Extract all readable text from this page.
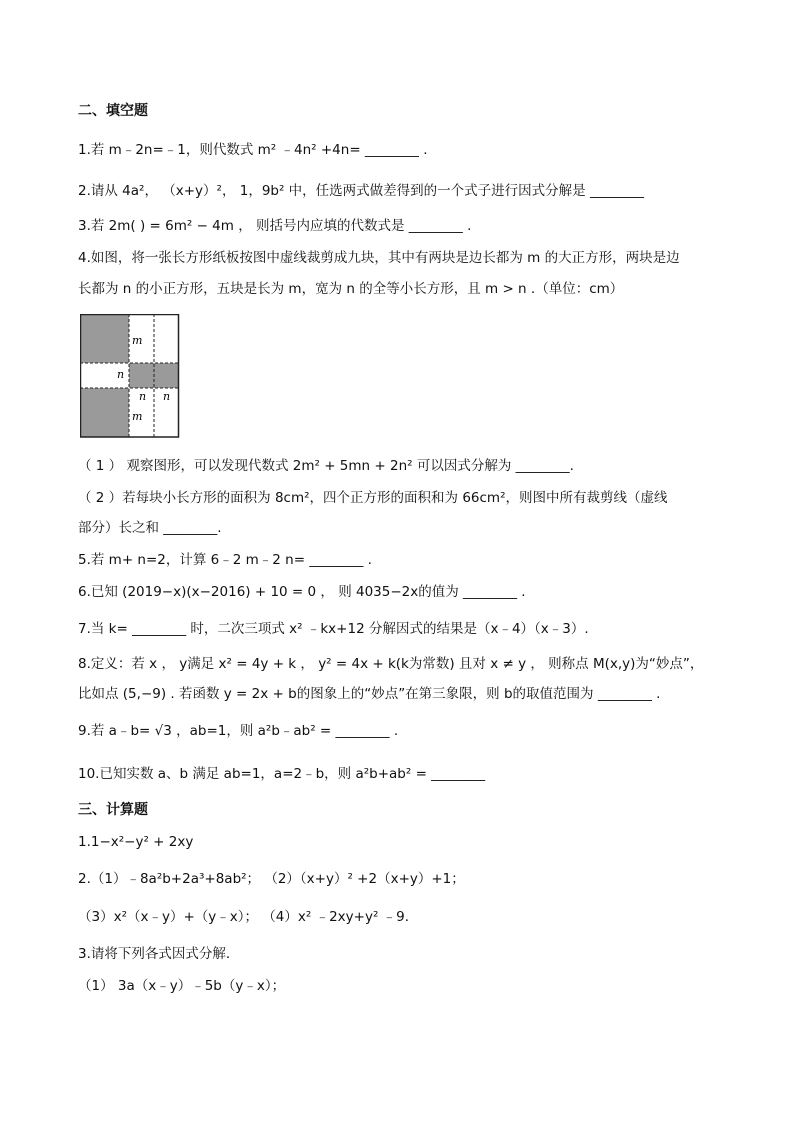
二、填空题
1.若 m﹣2n=﹣1，则代数式 m² ﹣4n² +4n= ________ .
2.请从 4a²， （x+y）²， 1，9b² 中，任选两式做差得到的一个式子进行因式分解是 ________
3.若 2m( ) = 6m² − 4m ， 则括号内应填的代数式是 ________ .
4.如图，将一张长方形纸板按图中虚线裁剪成九块，其中有两块是边长都为 m 的大正方形，两块是边
长都为 n 的小正方形，五块是长为 m，宽为 n 的全等小长方形，且 m > n .（单位：cm）
m
n
n n
m
（ 1 ） 观察图形，可以发现代数式 2m² + 5mn + 2n² 可以因式分解为 ________.
（ 2 ）若每块小长方形的面积为 8cm²，四个正方形的面积和为 66cm²，则图中所有裁剪线（虚线
部分）长之和 ________.
5.若 m+ n=2，计算 6﹣2 m﹣2 n= ________ .
6.已知 (2019−x)(x−2016) + 10 = 0 ， 则 4035−2x的值为 ________ .
7.当 k= ________ 时，二次三项式 x² ﹣kx+12 分解因式的结果是（x﹣4）（x﹣3）.
8.定义：若 x ， y满足 x² = 4y + k ， y² = 4x + k(k为常数) 且对 x ≠ y ， 则称点 M(x,y)为“妙点”，
比如点 (5,−9) . 若函数 y = 2x + b的图象上的“妙点”在第三象限，则 b的取值范围为 ________ .
9.若 a﹣b= √3 ，ab=1，则 a²b﹣ab² = ________ .
10.已知实数 a、b 满足 ab=1，a=2﹣b，则 a²b+ab² = ________
三、计算题
1.1−x²−y² + 2xy
2.（1）﹣8a²b+2a³+8ab²； （2）（x+y）² +2（x+y）+1；
（3）x²（x﹣y）+（y﹣x）； （4）x² ﹣2xy+y² ﹣9．
3.请将下列各式因式分解．
（1） 3a（x﹣y）﹣5b（y﹣x）；
